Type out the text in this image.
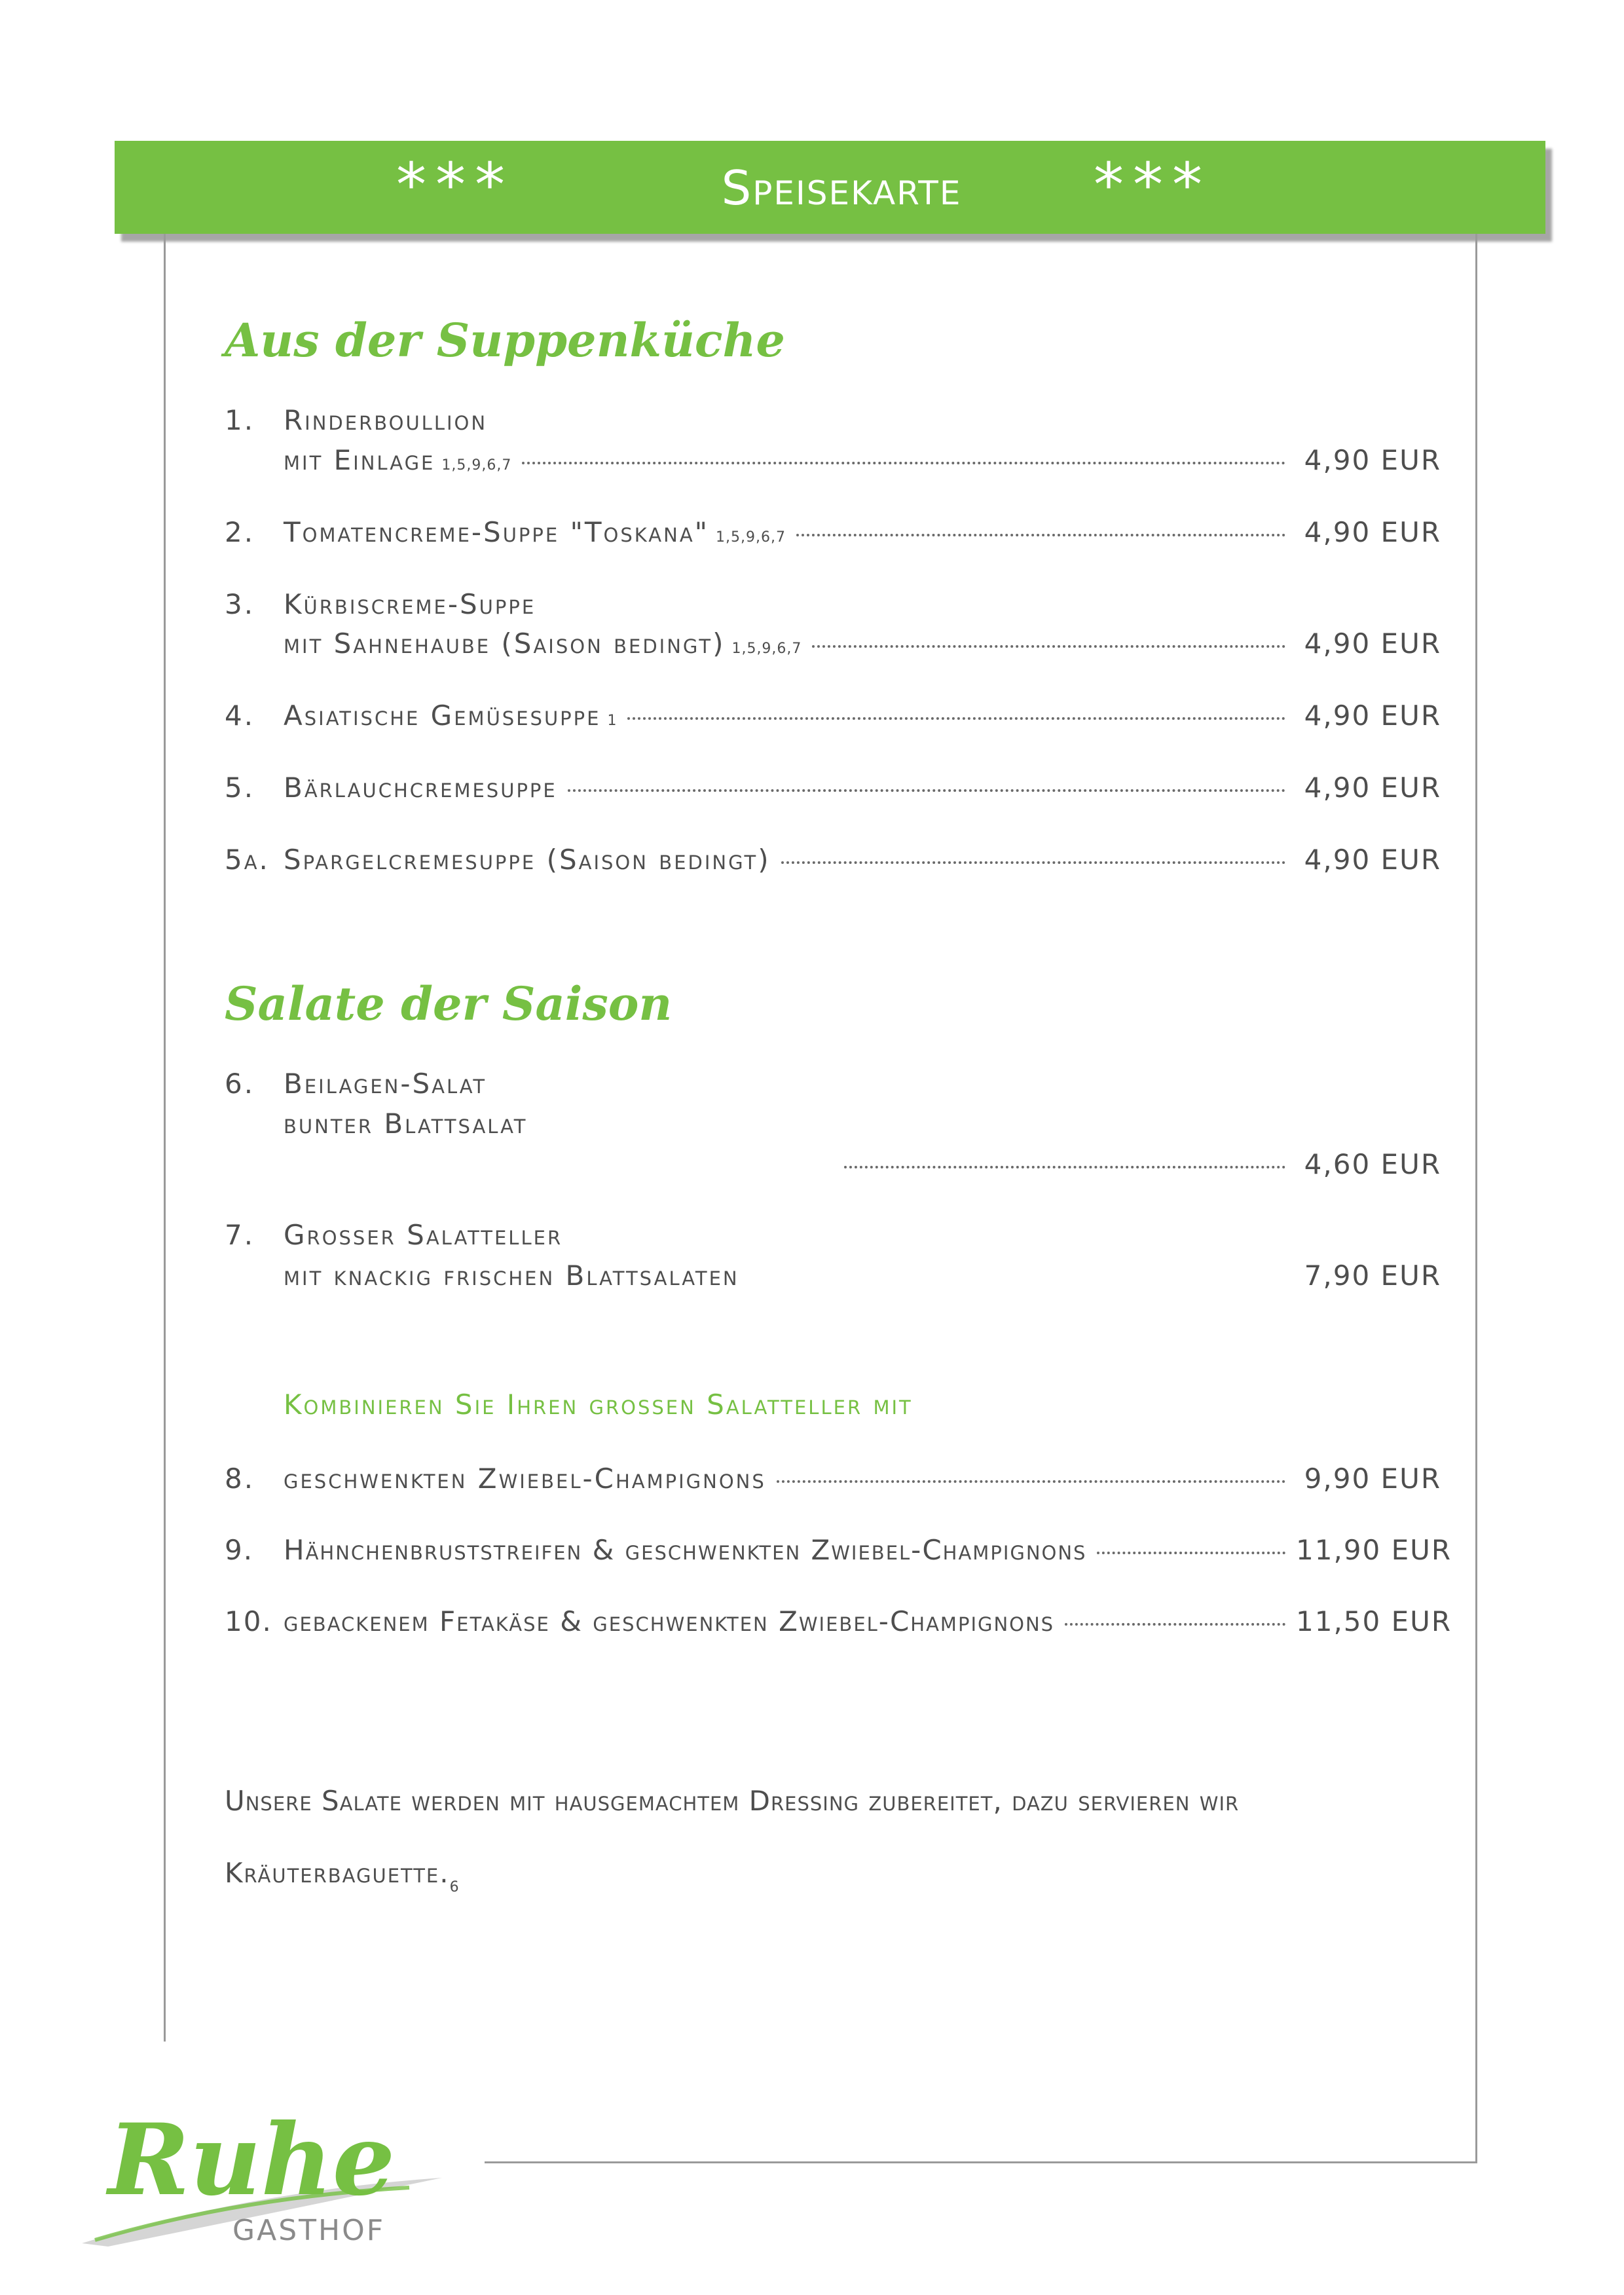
***	Speisekarte	***
Aus der Suppenküche
1.	Rinderboullion
mit Einlage 1,5,9,6,7	4,90 EUR
2.	Tomatencreme-Suppe "Toskana" 1,5,9,6,7	4,90 EUR
3.	Kürbiscreme-Suppe
mit Sahnehaube (Saison bedingt) 1,5,9,6,7	4,90 EUR
4.	Asiatische Gemüsesuppe 1	4,90 EUR
5.	Bärlauchcremesuppe	4,90 EUR
5a. Spargelcremesuppe (Saison bedingt)	4,90 EUR
Salate der Saison
6.	Beilagen-Salat
bunter Blattsalat
4,60 EUR
7.	Grosser Salatteller
mit knackig frischen Blattsalaten	7,90 EUR
Kombinieren Sie Ihren grossen Salatteller mit
8.	geschwenkten Zwiebel-Champignons	9,90 EUR
9.	Hähnchenbruststreifen & geschwenkten Zwiebel-Champignons	11,90 EUR
10. gebackenem Fetakäse & geschwenkten Zwiebel-Champignons	11,50 EUR
Unsere Salate werden mit hausgemachtem Dressing zubereitet, dazu servieren wir
$Kräuterbaguette._6$
Ruhe
GASTHOF
